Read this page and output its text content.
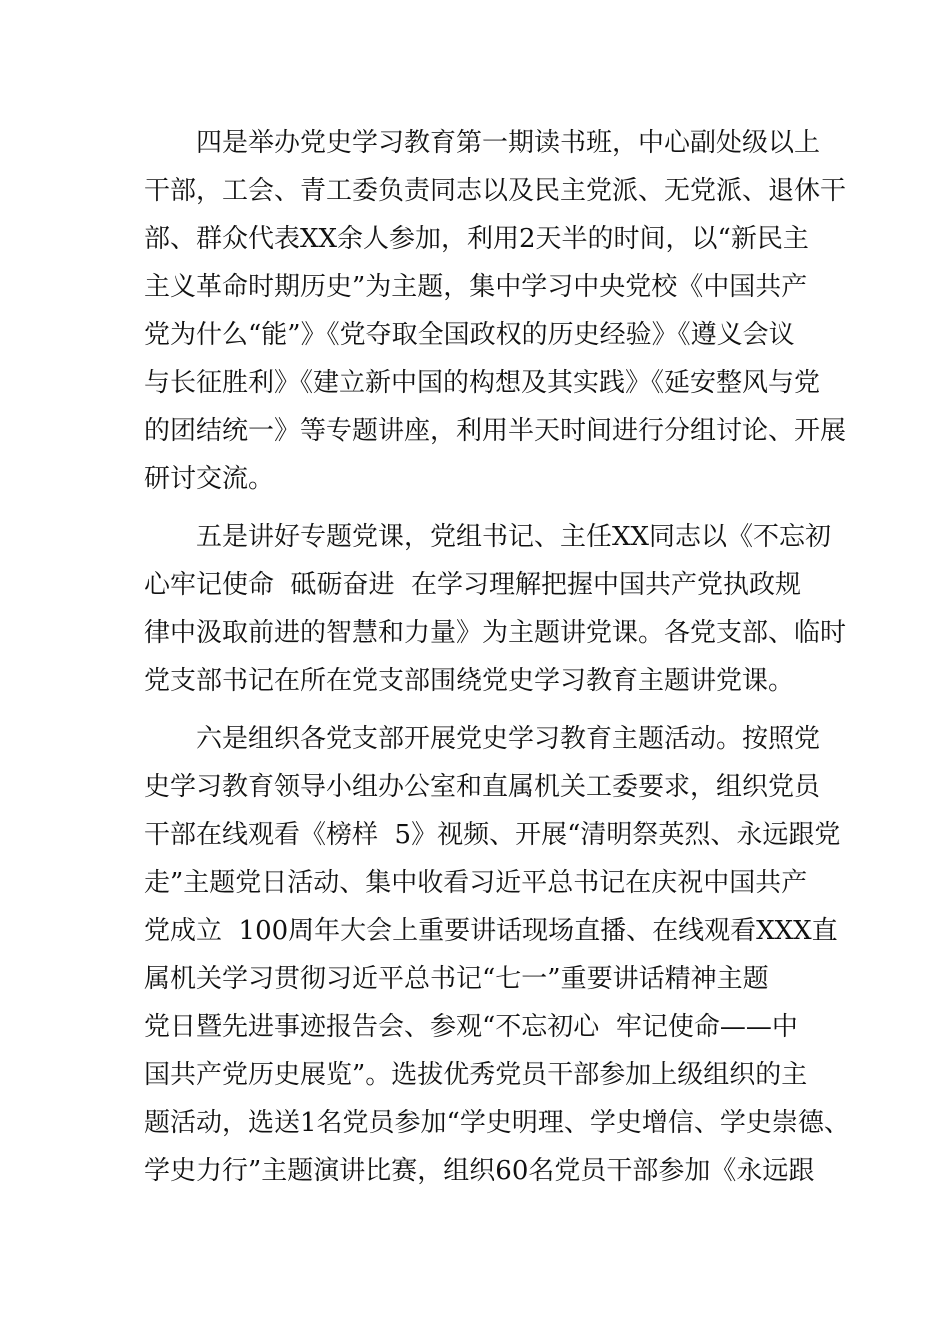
四是举办党史学习教育第一期读书班，中心副处级以上
干部，工会、青工委负责同志以及民主党派、无党派、退休干
部、群众代表XX余人参加，利用2天半的时间，以“新民主
主义革命时期历史”为主题，集中学习中央党校《中国共产
党为什么“能”》《党夺取全国政权的历史经验》《遵义会议
与长征胜利》《建立新中国的构想及其实践》《延安整风与党
的团结统一》等专题讲座，利用半天时间进行分组讨论、开展
研讨交流。
五是讲好专题党课，党组书记、主任XX同志以《不忘初
心牢记使命  砥砺奋进  在学习理解把握中国共产党执政规
律中汲取前进的智慧和力量》为主题讲党课。各党支部、临时
党支部书记在所在党支部围绕党史学习教育主题讲党课。
六是组织各党支部开展党史学习教育主题活动。按照党
史学习教育领导小组办公室和直属机关工委要求，组织党员
干部在线观看《榜样  5》视频、开展“清明祭英烈、永远跟党
走”主题党日活动、集中收看习近平总书记在庆祝中国共产
党成立  100周年大会上重要讲话现场直播、在线观看XXX直
属机关学习贯彻习近平总书记“七一”重要讲话精神主题
党日暨先进事迹报告会、参观“不忘初心  牢记使命——中
国共产党历史展览”。选拔优秀党员干部参加上级组织的主
题活动，选送1名党员参加“学史明理、学史增信、学史崇德、
学史力行”主题演讲比赛，组织60名党员干部参加《永远跟
